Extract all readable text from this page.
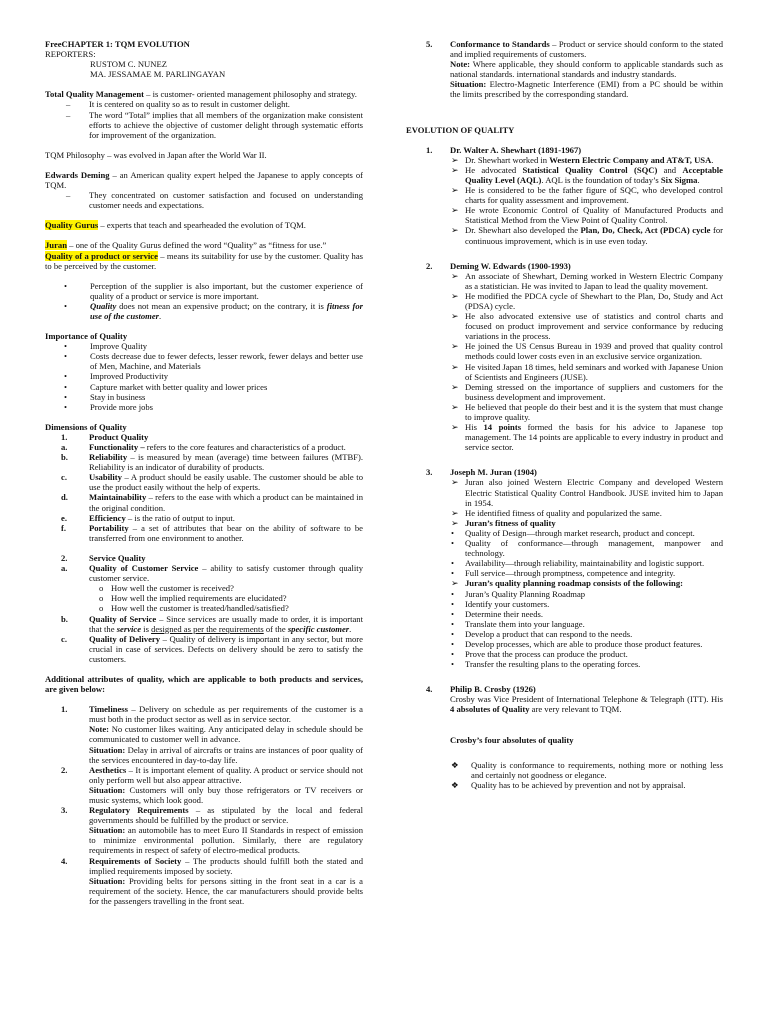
FreeCHAPTER 1: TQM EVOLUTION

REPORTERS:

RUSTOM C. NUNEZ

MA. JESSAMAE M. PARLINGAYAN

Total Quality Management – is customer- oriented management philosophy and strategy.

–	It is centered on quality so as to result in customer delight.
–	The word “Total” implies that all members of the organization make consistent efforts to achieve the objective of customer delight through systematic efforts for improvement of the organization.

TQM Philosophy – was evolved in Japan after the World War II.

Edwards Deming – an American quality expert helped the Japanese to apply concepts of TQM.

–	They concentrated on customer satisfaction and focused on understanding customer needs and expectations.

Quality Gurus – experts that teach and spearheaded the evolution of TQM.

Juran – one of the Quality Gurus defined the word “Quality” as “fitness for use.”

Quality of a product or service – means its suitability for use by the customer. Quality has to be perceived by the customer.

•	Perception of the supplier is also important, but the customer experience of quality of a product or service is more important.
•	Quality does not mean an expensive product; on the contrary, it is fitness for use of the customer.

Importance of Quality

•	Improve Quality
•	Costs decrease due to fewer defects, lesser rework, fewer delays and better use of Men, Machine, and Materials
•	Improved Productivity
•	Capture market with better quality and lower prices
•	Stay in business
•	Provide more jobs

Dimensions of Quality

1.	Product Quality
a.	Functionality – refers to the core features and characteristics of a product.
b.	Reliability – is measured by mean (average) time between failures (MTBF). Reliability is an indicator of durability of products.
c.	Usability – A product should be easily usable. The customer should be able to use the product easily without the help of experts.
d.	Maintainability – refers to the ease with which a product can be maintained in the original condition.
e.	Efficiency – is the ratio of output to input.
f.	Portability – a set of attributes that bear on the ability of software to be transferred from one environment to another.
2.	Service Quality
a.	Quality of Customer Service – ability to satisfy customer through quality customer service.
o How well the customer is received?
o How well the implied requirements are elucidated?
o How well the customer is treated/handled/satisfied?
b.	Quality of Service – Since services are usually made to order, it is important that the service is designed as per the requirements of the specific customer.
c.	Quality of Delivery – Quality of delivery is important in any sector, but more crucial in case of services. Defects on delivery should be zero to satisfy the customers.

Additional attributes of quality, which are applicable to both products and services, are given below:

1.	Timeliness – Delivery on schedule as per requirements of the customer is a must both in the product sector as well as in service sector.
Note: No customer likes waiting. Any anticipated delay in schedule should be communicated to customer well in advance.
Situation: Delay in arrival of aircrafts or trains are instances of poor quality of the services encountered in day-to-day life.
2.	Aesthetics – It is important element of quality. A product or service should not only perform well but also appear attractive.
Situation: Customers will only buy those refrigerators or TV receivers or music systems, which look good.
3.	Regulatory Requirements – as stipulated by the local and federal governments should be fulfilled by the product or service.
Situation: an automobile has to meet Euro II Standards in respect of emission to minimize environmental pollution. Similarly, there are regulatory requirements in respect of safety of electro-medical products.
4.	Requirements of Society – The products should fulfill both the stated and implied requirements imposed by society.
Situation: Providing belts for persons sitting in the front seat in a car is a requirement of the society. Hence, the car manufacturers should provide belts for the passengers travelling in the front seat.
5.	Conformance to Standards – Product or service should conform to the stated and implied requirements of customers.
Note: Where applicable, they should conform to applicable standards such as national standards. international standards and industry standards.
Situation: Electro-Magnetic Interference (EMI) from a PC should be within the limits prescribed by the corresponding standard.

EVOLUTION OF QUALITY

1.	Dr. Walter A. Shewhart (1891-1967)
➢ Dr. Shewhart worked in Western Electric Company and AT&T, USA.
➢ He advocated Statistical Quality Control (SQC) and Acceptable Quality Level (AQL). AQL is the foundation of today’s Six Sigma.
➢ He is considered to be the father figure of SQC, who developed control charts for quality assessment and improvement.
➢ He wrote Economic Control of Quality of Manufactured Products and Statistical Method from the View Point of Quality Control.
➢ Dr. Shewhart also developed the Plan, Do, Check, Act (PDCA) cycle for continuous improvement, which is in use even today.
2.	Deming W. Edwards (1900-1993)
➢ An associate of Shewhart, Deming worked in Western Electric Company as a statistician. He was invited to Japan to lead the quality movement.
➢ He modified the PDCA cycle of Shewhart to the Plan, Do, Study and Act (PDSA) cycle.
➢ He also advocated extensive use of statistics and control charts and focused on product improvement and service conformance by reducing variations in the process.
➢ He joined the US Census Bureau in 1939 and proved that quality control methods could lower costs even in an exclusive service organization.
➢ He visited Japan 18 times, held seminars and worked with Japanese Union of Scientists and Engineers (JUSE).
➢ Deming stressed on the importance of suppliers and customers for the business development and improvement.
➢ He believed that people do their best and it is the system that must change to improve quality.
➢ His 14 points formed the basis for his advice to Japanese top management. The 14 points are applicable to every industry in product and service sector.
3.	Joseph M. Juran (1904)
➢ Juran also joined Western Electric Company and developed Western Electric Statistical Quality Control Handbook. JUSE invited him to Japan in 1954.
➢ He identified fitness of quality and popularized the same.
➢ Juran’s fitness of quality
•	Quality of Design—through market research, product and concept.
•	Quality of conformance—through management, manpower and technology.
•	Availability—through reliability, maintainability and logistic support.
•	Full service—through promptness, competence and integrity.
➢ Juran’s quality planning roadmap consists of the following:
•	Juran’s Quality Planning Roadmap
•	Identify your customers.
•	Determine their needs.
•	Translate them into your language.
•	Develop a product that can respond to the needs.
•	Develop processes, which are able to produce those product features.
•	Prove that the process can produce the product.
•	Transfer the resulting plans to the operating forces.
4.	Philip B. Crosby (1926)

Crosby was Vice President of International Telephone & Telegraph (ITT). His 4 absolutes of Quality are very relevant to TQM.

Crosby’s four absolutes of quality

❖	Quality is conformance to requirements, nothing more or nothing less and certainly not goodness or elegance.
❖	Quality has to be achieved by prevention and not by appraisal.
